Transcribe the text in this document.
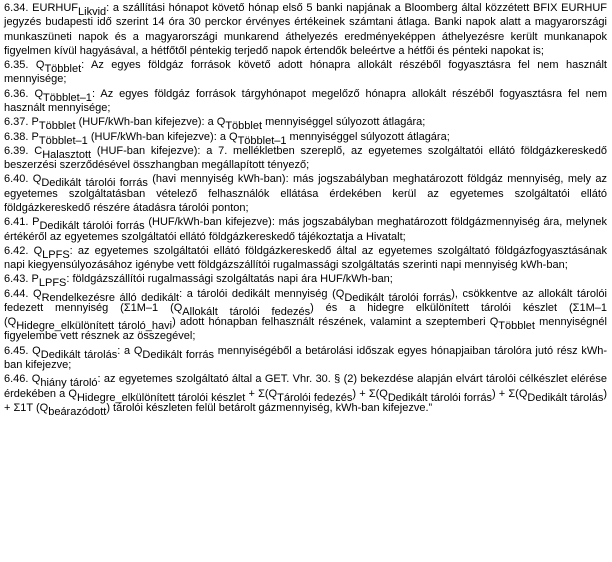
6.34. $EURHUF_{Likvid}$: a szállítási hónapot követő hónap első 5 banki napjának a Bloomberg által közzétett BFIX EURHUF jegyzés budapesti idő szerint 14 óra 30 perckor érvényes értékeinek számtani átlaga. Banki napok alatt a magyarországi munkaszüneti napok és a magyarországi munkarend áthelyezés eredményeképpen áthelyezésre került munkanapok figyelmen kívül hagyásával, a hétfőtől péntekig terjedő napok értendők beleértve a hétfői és pénteki napokat is;

6.35. $Q_{Többlet}$: Az egyes földgáz források követő adott hónapra allokált részéből fogyasztásra fel nem használt mennyisége;

6.36. $Q_{Többlet-1}$: Az egyes földgáz források tárgyhónapot megelőző hónapra allokált részéből fogyasztásra fel nem használt mennyisége;

6.37. $P_{Többlet}$ (HUF/kWh-ban kifejezve): a $Q_{Többlet}$ mennyiséggel súlyozott átlagára;

6.38. $P_{Többlet-1}$ (HUF/kWh-ban kifejezve): a $Q_{Többlet-1}$ mennyiséggel súlyozott átlagára;

6.39. $C_{Halasztott}$ (HUF-ban kifejezve): a 7. mellékletben szereplő, az egyetemes szolgáltatói ellátó földgázkereskedő beszerzési szerződésével összhangban megállapított tényező;

6.40. $Q_{Dedikált tárolói forrás}$ (havi mennyiség kWh-ban): más jogszabályban meghatározott földgáz mennyiség, mely az egyetemes szolgáltatásban vételező felhasználók ellátása érdekében kerül az egyetemes szolgáltatói ellátó földgázkereskedő részére átadásra tárolói ponton;

6.41. $P_{Dedikált tárolói forrás}$ (HUF/kWh-ban kifejezve): más jogszabályban meghatározott földgázmennyiség ára, melynek értékéről az egyetemes szolgáltatói ellátó földgázkereskedő tájékoztatja a Hivatalt;

6.42. $Q_{LPFS}$: az egyetemes szolgáltatói ellátó földgázkereskedő által az egyetemes szolgáltató földgázfogyasztásának napi kiegyensúlyozásához igénybe vett földgázszállítói rugalmassági szolgáltatás szerinti napi mennyiség kWh-ban;

6.43. $P_{LPFS}$: földgázszállítói rugalmassági szolgáltatás napi ára HUF/kWh-ban;

6.44. $Q_{Rendelkezésre álló dedikált}$: a tárolói dedikált mennyiség $(Q_{Dedikált tárolói forrás})$, csökkentve az allokált tárolói fedezett mennyiség (Σ1M–1 $(Q_{Allokált tárolói fedezés})$ és a hidegre elkülönített tárolói készlet (Σ1M–1 $(Q_{Hidegre\_elkülönített tároló\_havi})$ adott hónapban felhasznált részének, valamint a szeptemberi $Q_{Többlet}$ mennyiségnél figyelembe vett résznek az összegével;

6.45. $Q_{Dedikált tárolás}$: a $Q_{Dedikált forrás}$ mennyiségéből a betárolási időszak egyes hónapjaiban tárolóra jutó rész kWh-ban kifejezve;

6.46. $Q_{hiány tároló}$: az egyetemes szolgáltató által a GET. Vhr. 30. § (2) bekezdése alapján elvárt tárolói célkészlet elérése érdekében a $Q_{Hidegre\_elkülönített tárolói készlet} + \Sigma(Q_{Tárolói fedezés}) + \Sigma(Q_{Dedikált tárolói forrás}) + \Sigma(Q_{Dedikált tárolás}) + \Sigma 1T$ $(Q_{beárazódott})$ tárolói készleten felül betárolt gázmennyiség, kWh-ban kifejezve.”
